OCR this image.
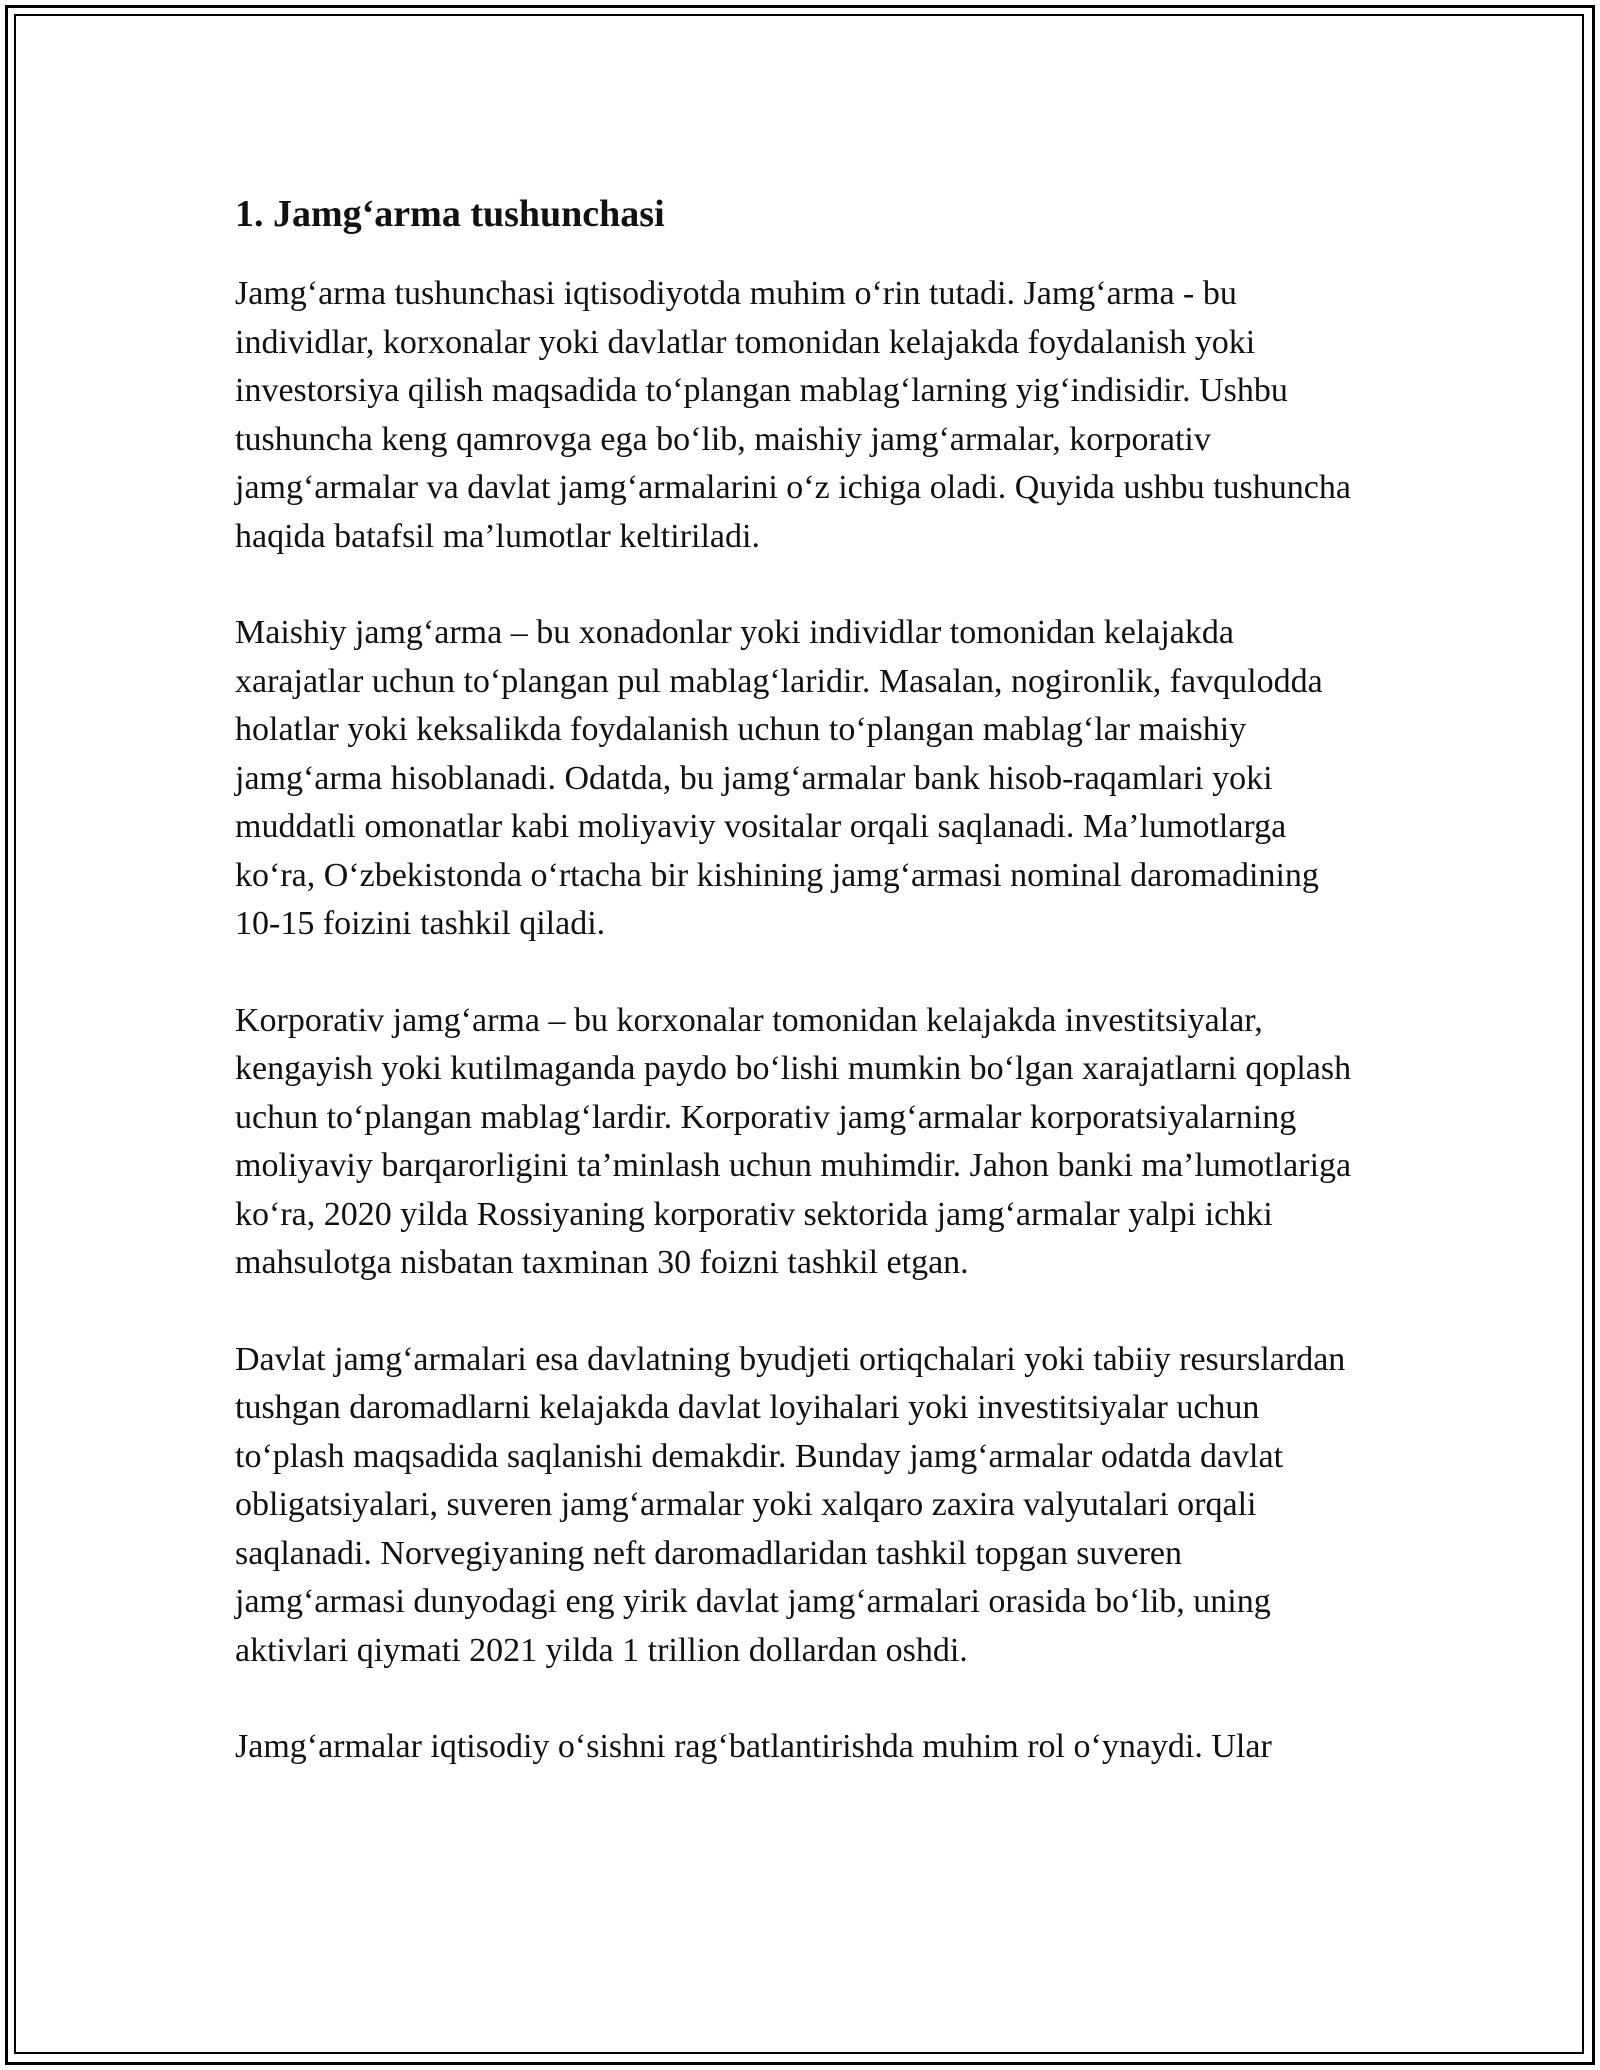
1. Jamg‘arma tushunchasi

Jamg‘arma tushunchasi iqtisodiyotda muhim o‘rin tutadi. Jamg‘arma - bu individlar, korxonalar yoki davlatlar tomonidan kelajakda foydalanish yoki investorsiya qilish maqsadida to‘plangan mablag‘larning yig‘indisidir. Ushbu tushuncha keng qamrovga ega bo‘lib, maishiy jamg‘armalar, korporativ jamg‘armalar va davlat jamg‘armalarini o‘z ichiga oladi. Quyida ushbu tushuncha haqida batafsil ma’lumotlar keltiriladi.

Maishiy jamg‘arma – bu xonadonlar yoki individlar tomonidan kelajakda xarajatlar uchun to‘plangan pul mablag‘laridir. Masalan, nogironlik, favqulodda holatlar yoki keksalikda foydalanish uchun to‘plangan mablag‘lar maishiy jamg‘arma hisoblanadi. Odatda, bu jamg‘armalar bank hisob-raqamlari yoki muddatli omonatlar kabi moliyaviy vositalar orqali saqlanadi. Ma’lumotlarga ko‘ra, O‘zbekistonda o‘rtacha bir kishining jamg‘armasi nominal daromadining 10-15 foizini tashkil qiladi.

Korporativ jamg‘arma – bu korxonalar tomonidan kelajakda investitsiyalar, kengayish yoki kutilmaganda paydo bo‘lishi mumkin bo‘lgan xarajatlarni qoplash uchun to‘plangan mablag‘lardir. Korporativ jamg‘armalar korporatsiyalarning moliyaviy barqarorligini ta’minlash uchun muhimdir. Jahon banki ma’lumotlariga ko‘ra, 2020 yilda Rossiyaning korporativ sektorida jamg‘armalar yalpi ichki mahsulotga nisbatan taxminan 30 foizni tashkil etgan.

Davlat jamg‘armalari esa davlatning byudjeti ortiqchalari yoki tabiiy resurslardan tushgan daromadlarni kelajakda davlat loyihalari yoki investitsiyalar uchun to‘plash maqsadida saqlanishi demakdir. Bunday jamg‘armalar odatda davlat obligatsiyalari, suveren jamg‘armalar yoki xalqaro zaxira valyutalari orqali saqlanadi. Norvegiyaning neft daromadlaridan tashkil topgan suveren jamg‘armasi dunyodagi eng yirik davlat jamg‘armalari orasida bo‘lib, uning aktivlari qiymati 2021 yilda 1 trillion dollardan oshdi.

Jamg‘armalar iqtisodiy o‘sishni rag‘batlantirishda muhim rol o‘ynaydi. Ular
